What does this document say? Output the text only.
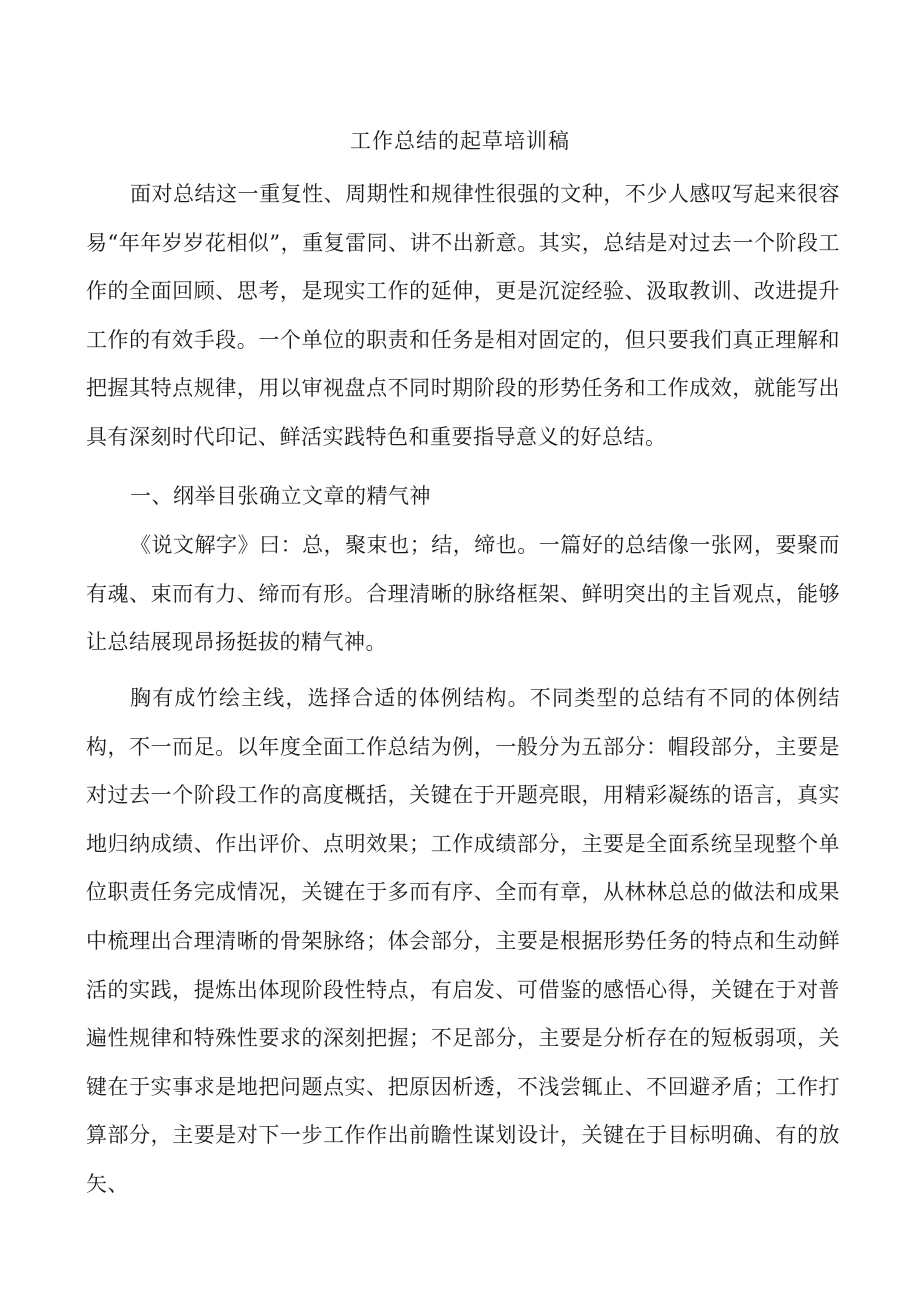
工作总结的起草培训稿

面对总结这一重复性、周期性和规律性很强的文种，不少人感叹写起来很容易“年年岁岁花相似”，重复雷同、讲不出新意。其实，总结是对过去一个阶段工作的全面回顾、思考，是现实工作的延伸，更是沉淀经验、汲取教训、改进提升工作的有效手段。一个单位的职责和任务是相对固定的，但只要我们真正理解和把握其特点规律，用以审视盘点不同时期阶段的形势任务和工作成效，就能写出具有深刻时代印记、鲜活实践特色和重要指导意义的好总结。

一、纲举目张确立文章的精气神

《说文解字》曰：总，聚束也；结，缔也。一篇好的总结像一张网，要聚而有魂、束而有力、缔而有形。合理清晰的脉络框架、鲜明突出的主旨观点，能够让总结展现昂扬挺拔的精气神。

胸有成竹绘主线，选择合适的体例结构。不同类型的总结有不同的体例结构，不一而足。以年度全面工作总结为例，一般分为五部分：帽段部分，主要是对过去一个阶段工作的高度概括，关键在于开题亮眼，用精彩凝练的语言，真实地归纳成绩、作出评价、点明效果；工作成绩部分，主要是全面系统呈现整个单位职责任务完成情况，关键在于多而有序、全而有章，从林林总总的做法和成果中梳理出合理清晰的骨架脉络；体会部分，主要是根据形势任务的特点和生动鲜活的实践，提炼出体现阶段性特点，有启发、可借鉴的感悟心得，关键在于对普遍性规律和特殊性要求的深刻把握；不足部分，主要是分析存在的短板弱项，关键在于实事求是地把问题点实、把原因析透，不浅尝辄止、不回避矛盾；工作打算部分，主要是对下一步工作作出前瞻性谋划设计，关键在于目标明确、有的放矢、
